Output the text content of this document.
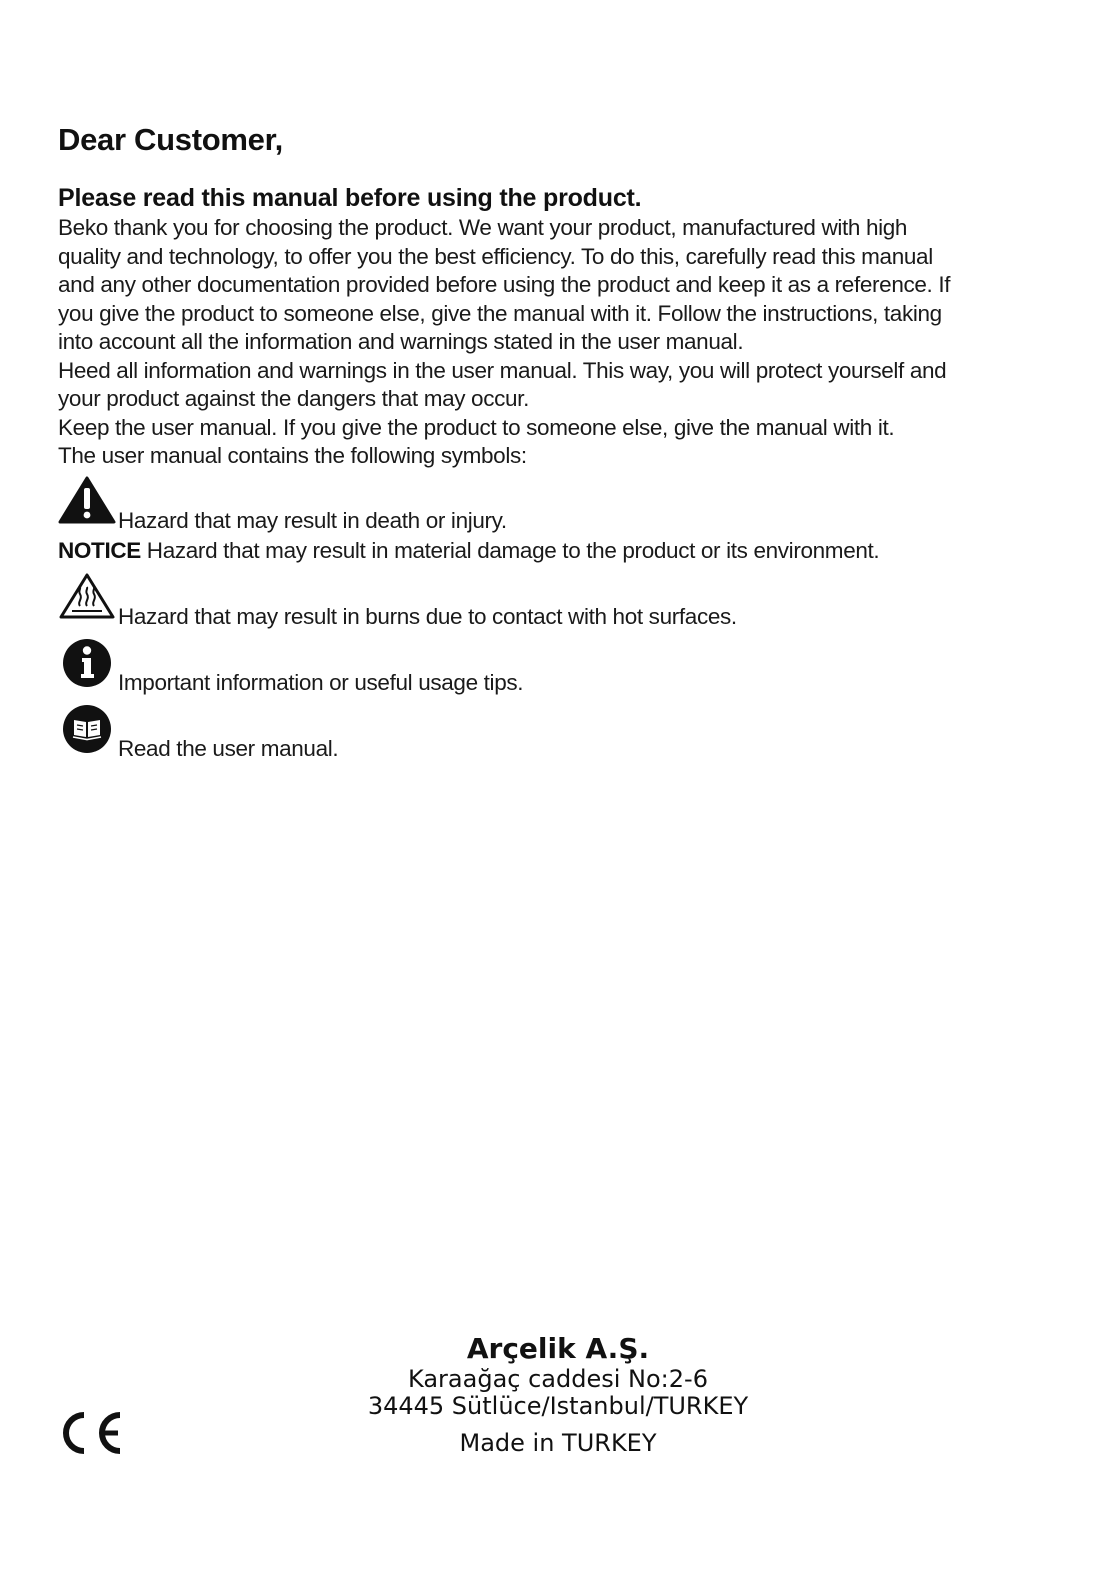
Dear Customer,
Please read this manual before using the product.
Beko thank you for choosing the product. We want your product, manufactured with high
quality and technology, to offer you the best efficiency. To do this, carefully read this manual
and any other documentation provided before using the product and keep it as a reference. If
you give the product to someone else, give the manual with it. Follow the instructions, taking
into account all the information and warnings stated in the user manual.
Heed all information and warnings in the user manual. This way, you will protect yourself and
your product against the dangers that may occur.
Keep the user manual. If you give the product to someone else, give the manual with it.
The user manual contains the following symbols:
Hazard that may result in death or injury.
NOTICE Hazard that may result in material damage to the product or its environment.
Hazard that may result in burns due to contact with hot surfaces.
Important information or useful usage tips.
Read the user manual.
Arçelik A.Ş.
Karaağaç caddesi No:2-6
34445 Sütlüce/Istanbul/TURKEY
Made in TURKEY
